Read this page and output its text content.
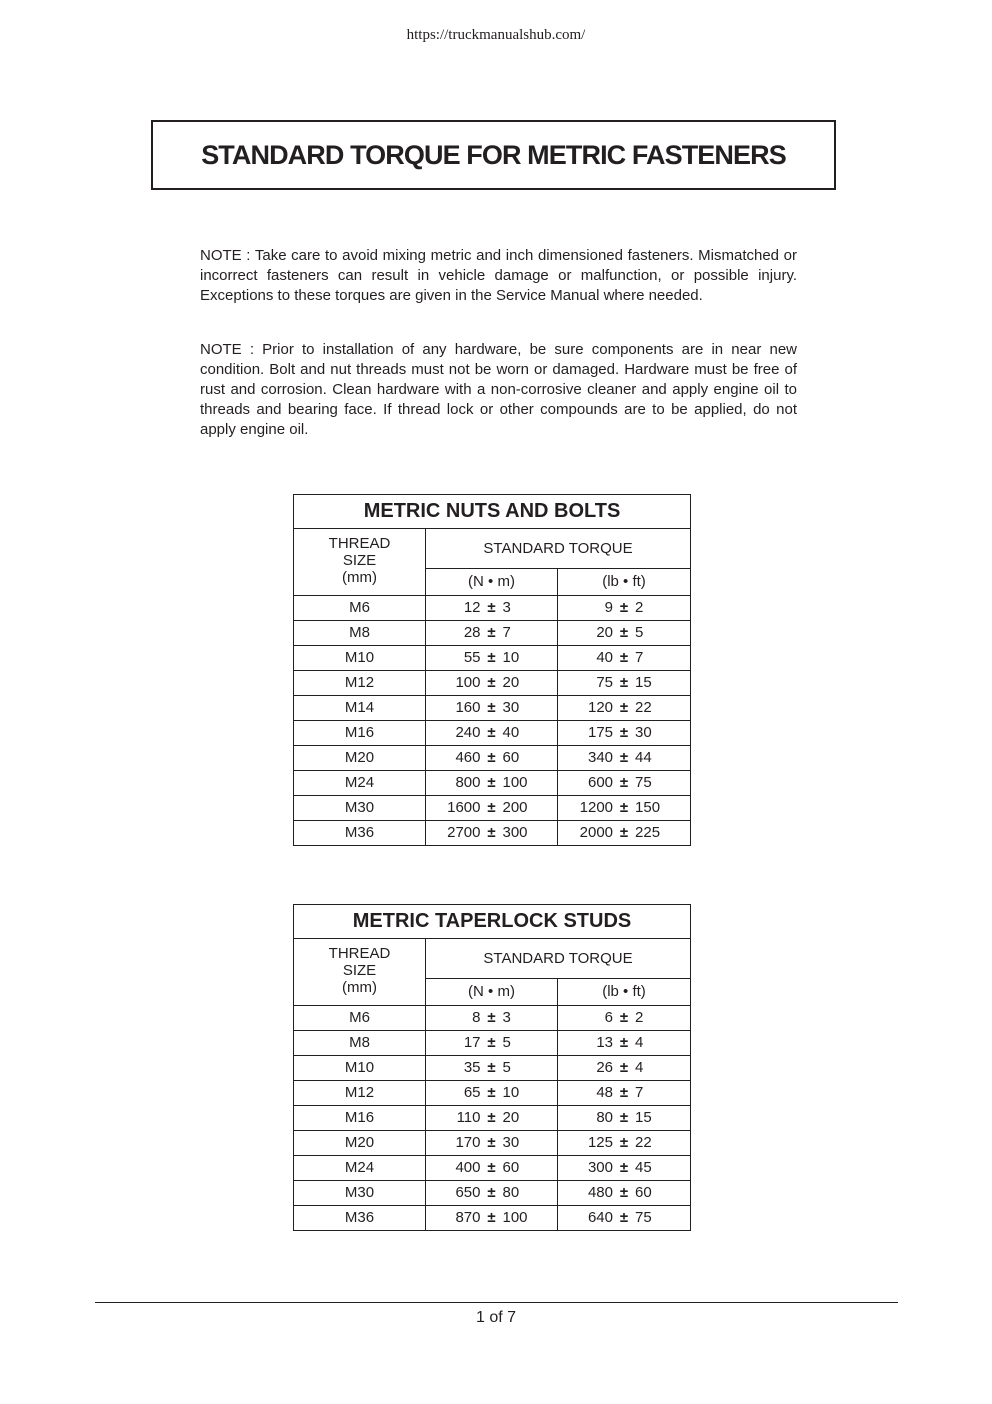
https://truckmanualshub.com/
STANDARD TORQUE FOR METRIC FASTENERS

NOTE : Take care to avoid mixing metric and inch dimensioned fasteners. Mismatched or incorrect fasteners can result in vehicle damage or malfunction, or possible injury. Exceptions to these torques are given in the Service Manual where needed.

NOTE : Prior to installation of any hardware, be sure components are in near new condition. Bolt and nut threads must not be worn or damaged. Hardware must be free of rust and corrosion. Clean hardware with a non-corrosive cleaner and apply engine oil to threads and bearing face. If thread lock or other compounds are to be applied, do not apply engine oil.

METRIC NUTS AND BOLTS		

THREAD
SIZE
(mm)	STANDARD TORQUE	
	(N • m)	(lb • ft)
M6	12 ± 3	9 ± 2
M8	28 ± 7	20 ± 5
M10	55 ± 10	40 ± 7
M12	100 ± 20	75 ± 15
M14	160 ± 30	120 ± 22
M16	240 ± 40	175 ± 30
M20	460 ± 60	340 ± 44
M24	800 ± 100	600 ± 75
M30	1600 ± 200	1200 ± 150
M36	2700 ± 300	2000 ± 225
METRIC TAPERLOCK STUDS		

THREAD
SIZE
(mm)	STANDARD TORQUE	
	(N • m)	(lb • ft)
M6	8 ± 3	6 ± 2
M8	17 ± 5	13 ± 4
M10	35 ± 5	26 ± 4
M12	65 ± 10	48 ± 7
M16	110 ± 20	80 ± 15
M20	170 ± 30	125 ± 22
M24	400 ± 60	300 ± 45
M30	650 ± 80	480 ± 60
M36	870 ± 100	640 ± 75
1 of 7
